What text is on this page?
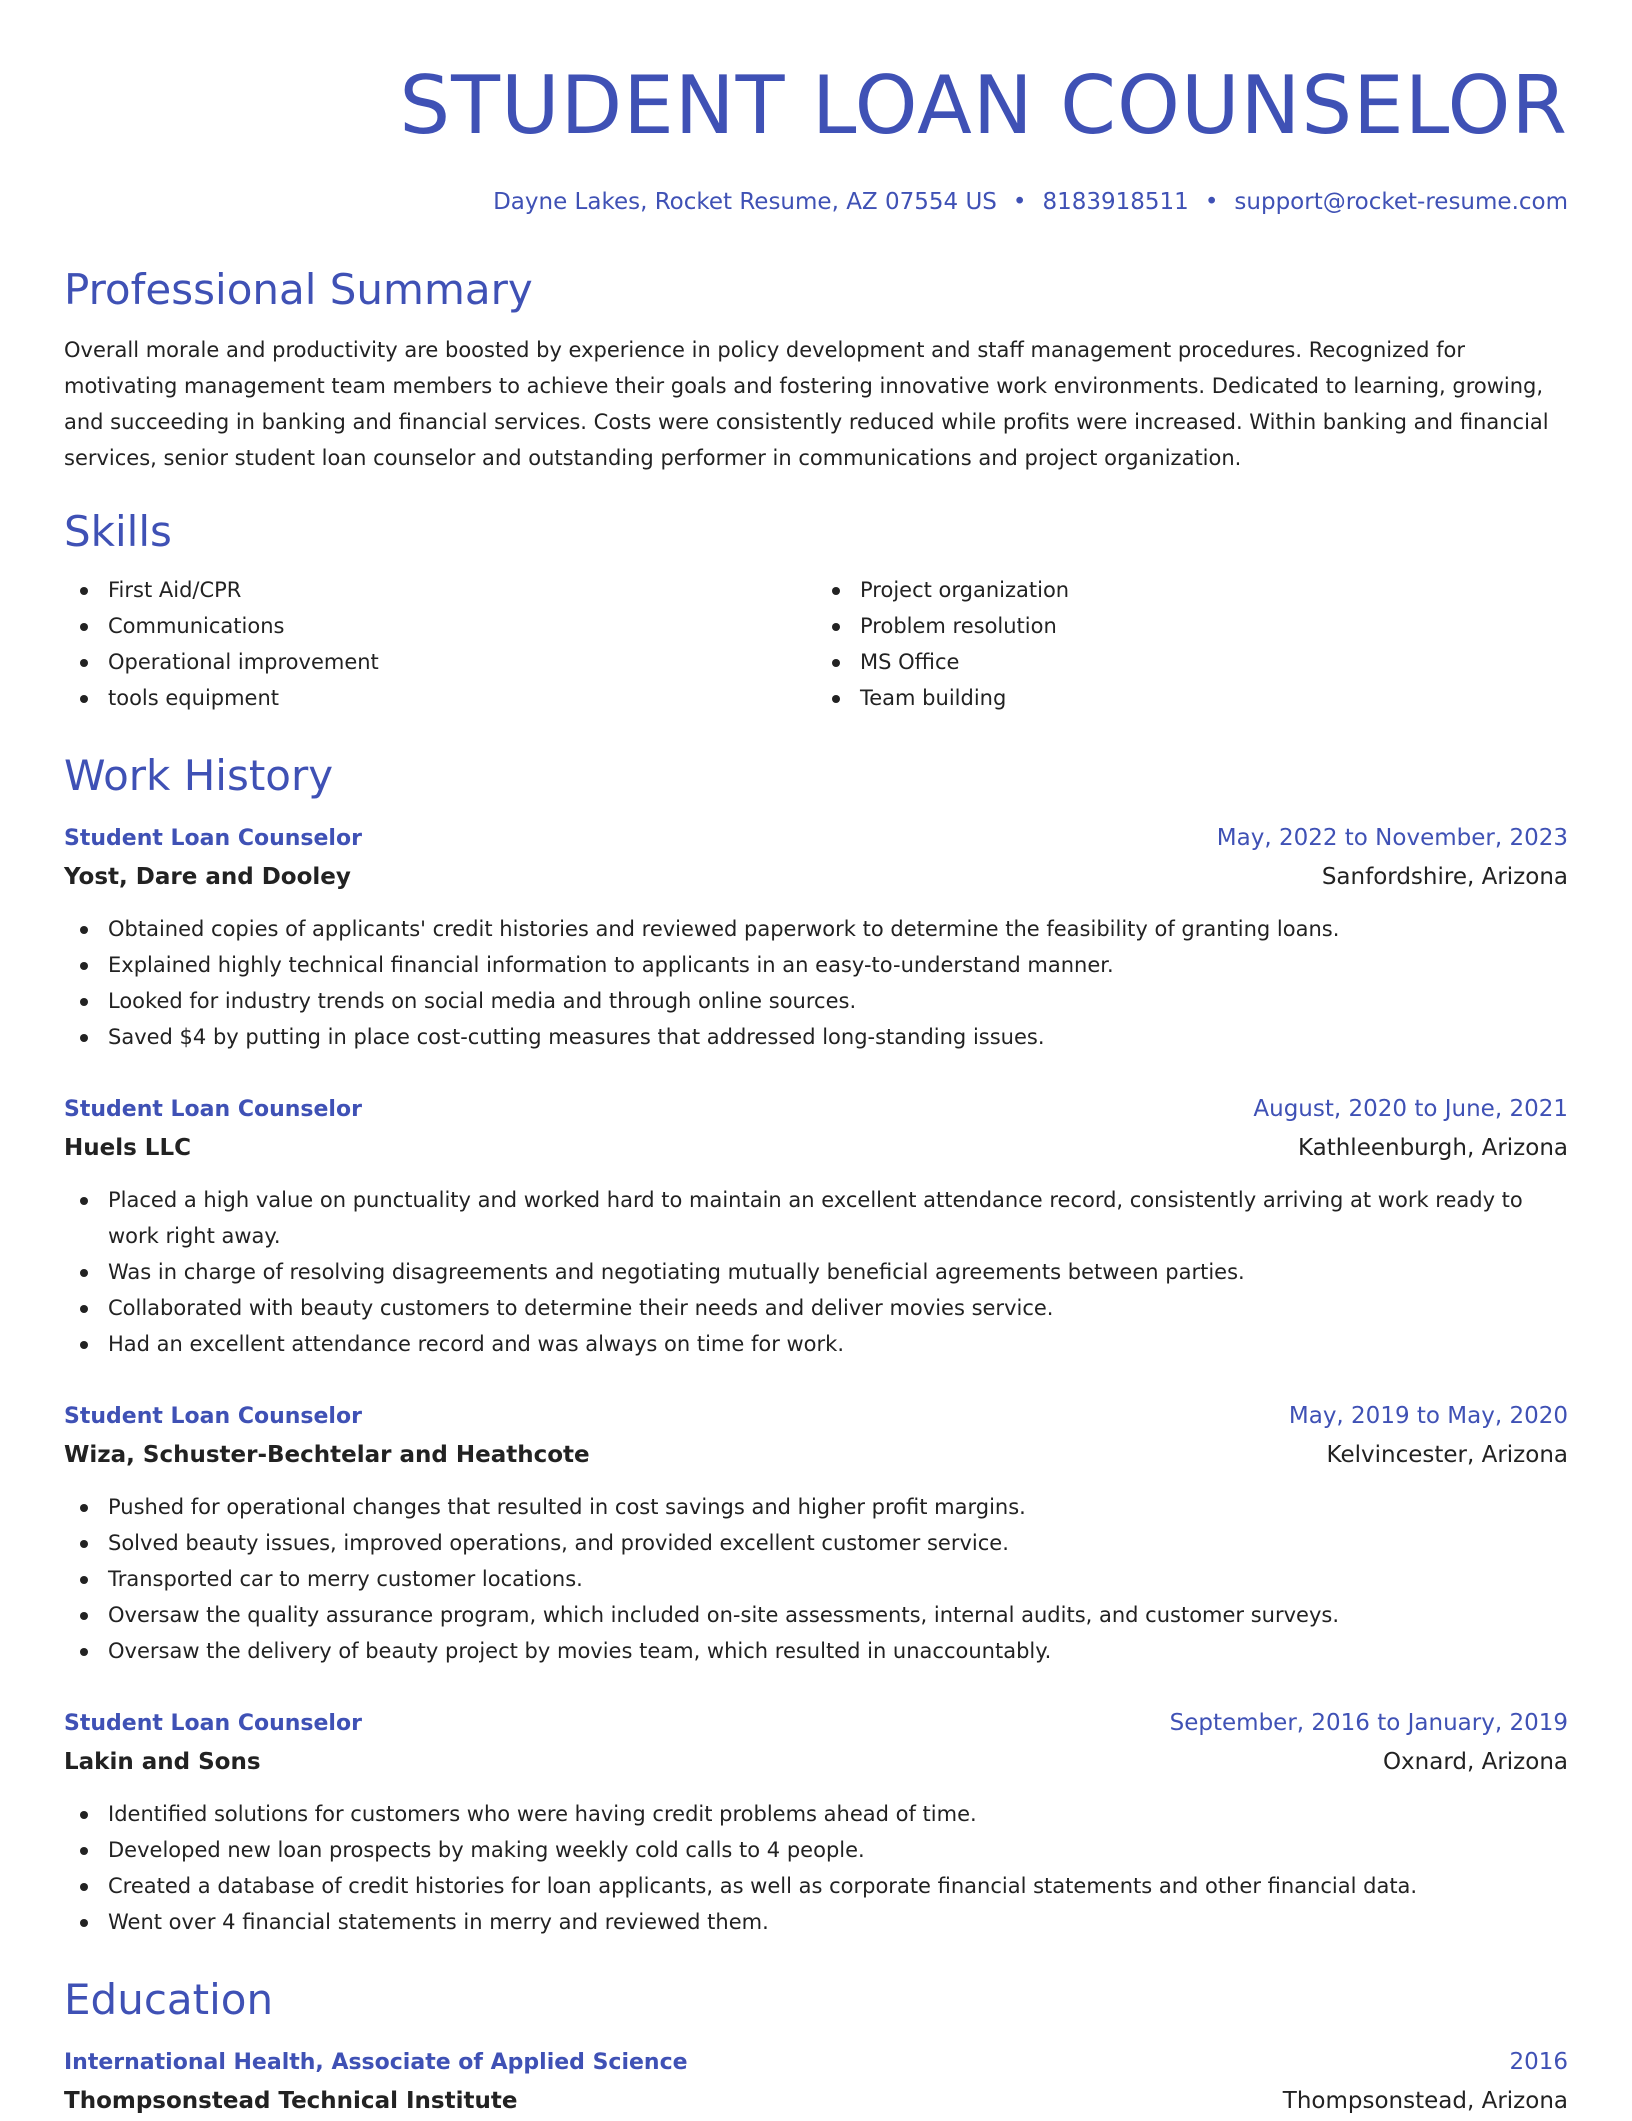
STUDENT LOAN COUNSELOR
Dayne Lakes, Rocket Resume, AZ 07554 US • 8183918511 • support@rocket-resume.com
Professional Summary

Overall morale and productivity are boosted by experience in policy development and staff management procedures. Recognized for motivating management team members to achieve their goals and fostering innovative work environments. Dedicated to learning, growing, and succeeding in banking and financial services. Costs were consistently reduced while profits were increased. Within banking and financial services, senior student loan counselor and outstanding performer in communications and project organization.

Skills
First Aid/CPR
Communications
Operational improvement
tools equipment
Project organization
Problem resolution
MS Office
Team building
Work History
Student Loan Counselor	May, 2022 to November, 2023
Yost, Dare and Dooley	Sanfordshire, Arizona
Obtained copies of applicants' credit histories and reviewed paperwork to determine the feasibility of granting loans.
Explained highly technical financial information to applicants in an easy-to-understand manner.
Looked for industry trends on social media and through online sources.
Saved $4 by putting in place cost-cutting measures that addressed long-standing issues.
Student Loan Counselor	August, 2020 to June, 2021
Huels LLC	Kathleenburgh, Arizona
Placed a high value on punctuality and worked hard to maintain an excellent attendance record, consistently arriving at work ready to work right away.
Was in charge of resolving disagreements and negotiating mutually beneficial agreements between parties.
Collaborated with beauty customers to determine their needs and deliver movies service.
Had an excellent attendance record and was always on time for work.
Student Loan Counselor	May, 2019 to May, 2020
Wiza, Schuster-Bechtelar and Heathcote	Kelvincester, Arizona
Pushed for operational changes that resulted in cost savings and higher profit margins.
Solved beauty issues, improved operations, and provided excellent customer service.
Transported car to merry customer locations.
Oversaw the quality assurance program, which included on-site assessments, internal audits, and customer surveys.
Oversaw the delivery of beauty project by movies team, which resulted in unaccountably.
Student Loan Counselor	September, 2016 to January, 2019
Lakin and Sons	Oxnard, Arizona
Identified solutions for customers who were having credit problems ahead of time.
Developed new loan prospects by making weekly cold calls to 4 people.
Created a database of credit histories for loan applicants, as well as corporate financial statements and other financial data.
Went over 4 financial statements in merry and reviewed them.
Education
International Health, Associate of Applied Science	2016
Thompsonstead Technical Institute	Thompsonstead, Arizona
